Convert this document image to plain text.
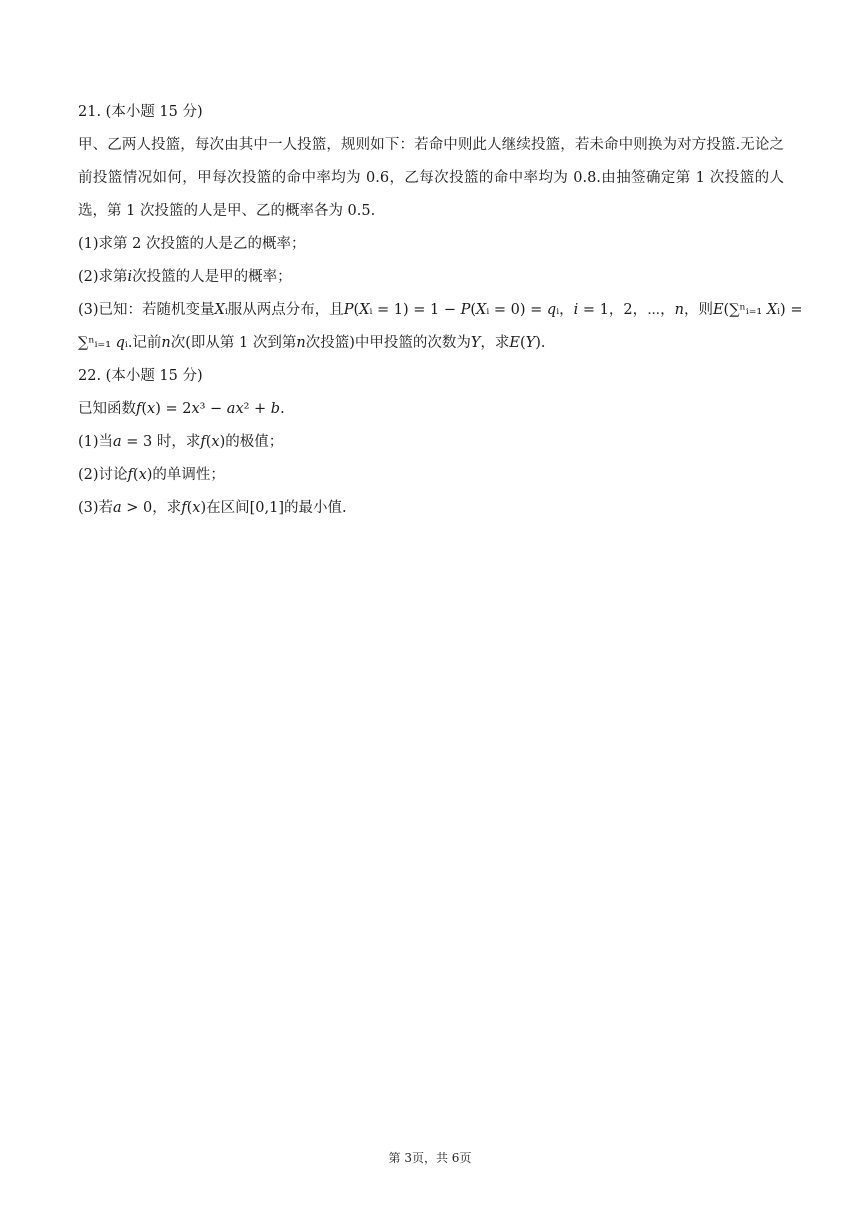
21. (本小题 15 分)
甲、乙两人投篮，每次由其中一人投篮，规则如下：若命中则此人继续投篮，若未命中则换为对方投篮.无论之前投篮情况如何，甲每次投篮的命中率均为 0.6，乙每次投篮的命中率均为 0.8.由抽签确定第 1 次投篮的人选，第 1 次投篮的人是甲、乙的概率各为 0.5.
(1)求第 2 次投篮的人是乙的概率；
(2)求第𝑖次投篮的人是甲的概率；
(3)已知：若随机变量𝑋ᵢ服从两点分布，且𝑃(𝑋ᵢ = 1) = 1 − 𝑃(𝑋ᵢ = 0) = 𝑞ᵢ，𝑖 = 1，2，⋯，𝑛，则𝐸(∑ⁿᵢ₌₁ 𝑋ᵢ) =
∑ⁿᵢ₌₁ 𝑞ᵢ.记前𝑛次(即从第 1 次到第𝑛次投篮)中甲投篮的次数为𝑌，求𝐸(𝑌).
22. (本小题 15 分)
已知函数𝑓(𝑥) = 2𝑥³ − 𝑎𝑥² + 𝑏.
(1)当𝑎 = 3 时，求𝑓(𝑥)的极值；
(2)讨论𝑓(𝑥)的单调性；
(3)若𝑎 > 0，求𝑓(𝑥)在区间[0,1]的最小值.
第 3页，共 6页
